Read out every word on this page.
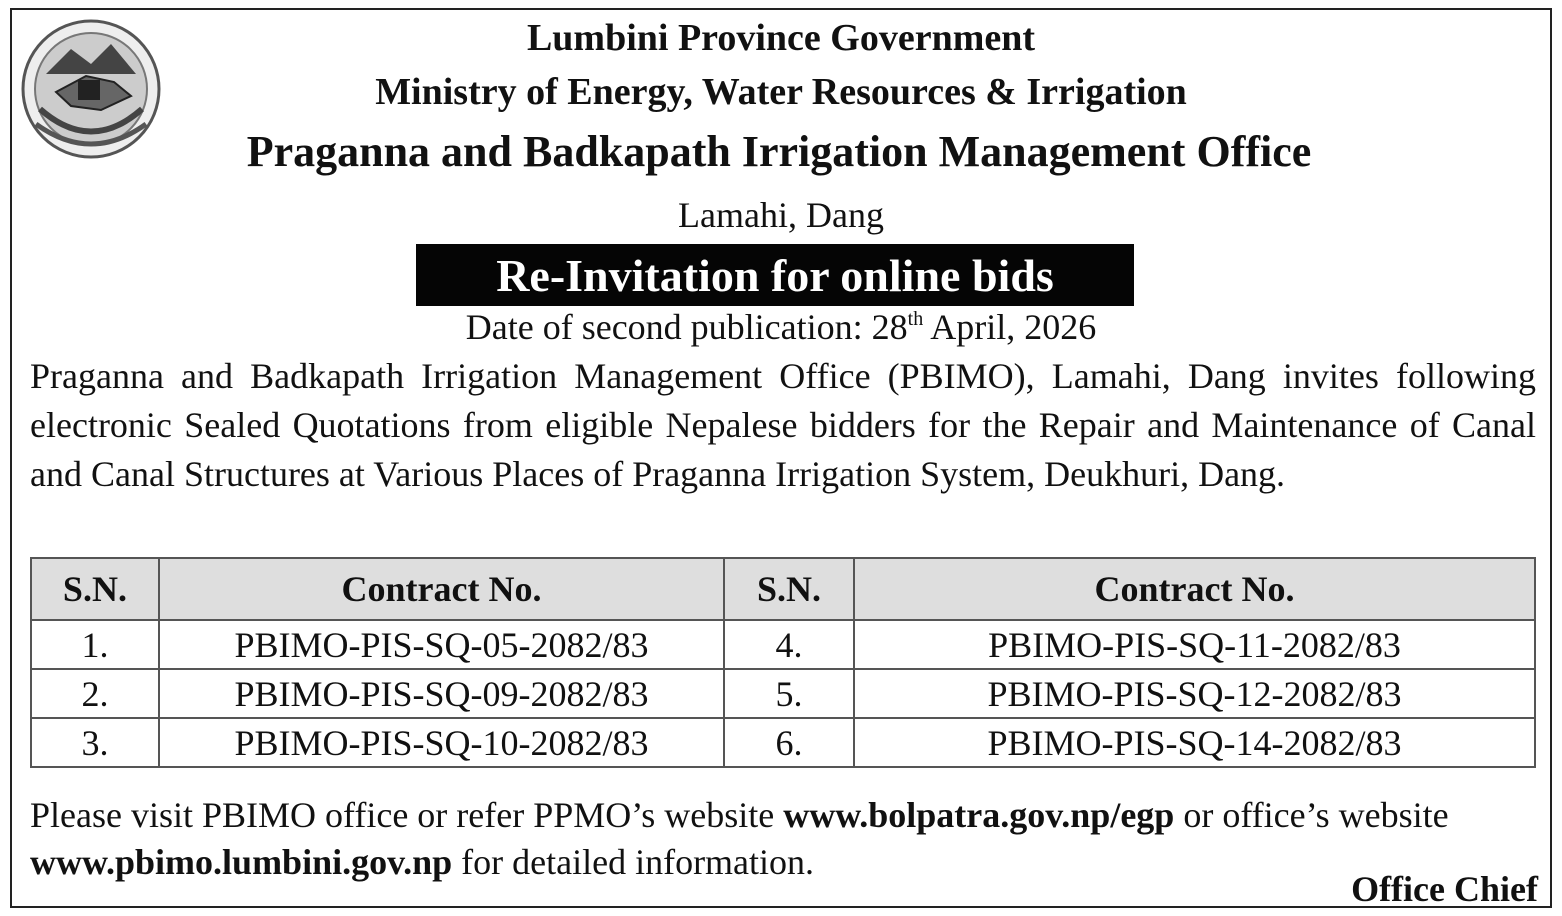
Lumbini Province Government
Ministry of Energy, Water Resources & Irrigation
Praganna and Badkapath Irrigation Management Office
Lamahi, Dang
Re-Invitation for online bids
Date of second publication: 28th April, 2026
Praganna and Badkapath Irrigation Management Office (PBIMO), Lamahi, Dang invites following electronic Sealed Quotations from eligible Nepalese bidders for the Repair and Maintenance of Canal and Canal Structures at Various Places of Praganna Irrigation System, Deukhuri, Dang.
S.N.	Contract No.	S.N.	Contract No.
1.	PBIMO-PIS-SQ-05-2082/83	4.	PBIMO-PIS-SQ-11-2082/83
2.	PBIMO-PIS-SQ-09-2082/83	5.	PBIMO-PIS-SQ-12-2082/83
3.	PBIMO-PIS-SQ-10-2082/83	6.	PBIMO-PIS-SQ-14-2082/83
Please visit PBIMO office or refer PPMO’s website www.bolpatra.gov.np/egp or office’s website www.pbimo.lumbini.gov.np for detailed information.
Office Chief
